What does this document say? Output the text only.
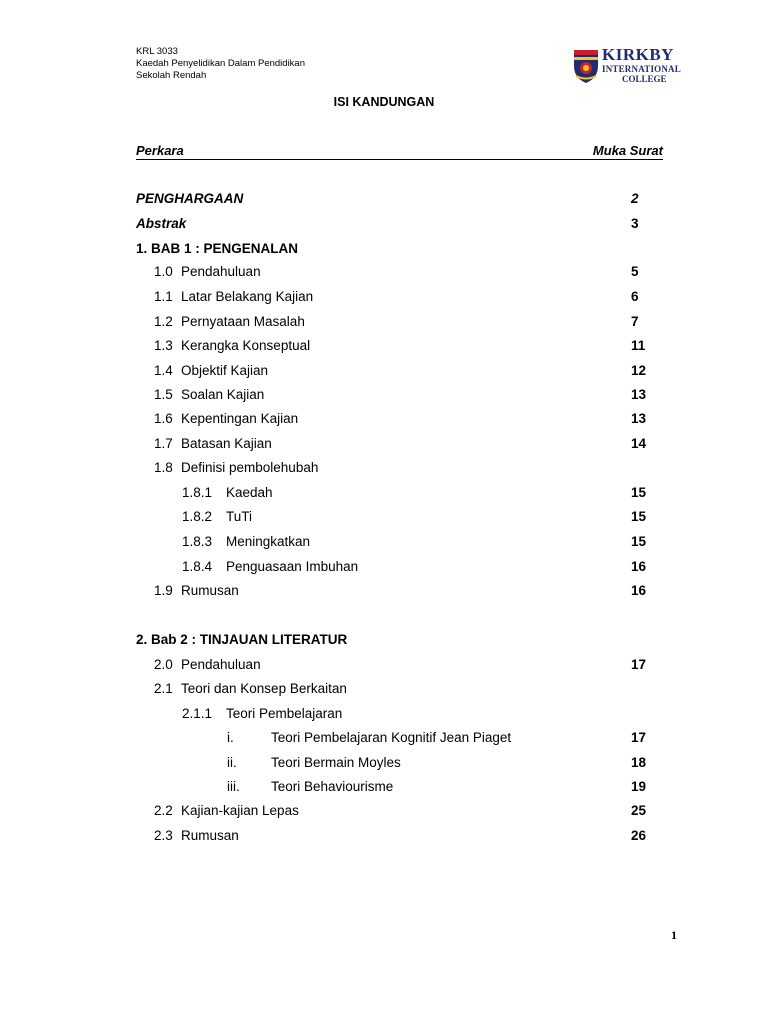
KRL 3033
Kaedah Penyelidikan Dalam Pendidikan
Sekolah Rendah
KIRKBY
INTERNATIONAL
COLLEGE
ISI KANDUNGAN
Perkara	Muka Surat
PENGHARGAAN	2
Abstrak	3
1. BAB 1 : PENGENALAN
1.0 Pendahuluan	5
1.1 Latar Belakang Kajian	6
1.2 Pernyataan Masalah	7
1.3 Kerangka Konseptual	11
1.4 Objektif Kajian	12
1.5 Soalan Kajian	13
1.6 Kepentingan Kajian	13
1.7 Batasan Kajian	14
1.8 Definisi pembolehubah
1.8.1 Kaedah	15
1.8.2 TuTi	15
1.8.3 Meningkatkan	15
1.8.4 Penguasaan Imbuhan	16
1.9 Rumusan	16
2. Bab 2 : TINJAUAN LITERATUR
2.0 Pendahuluan	17
2.1 Teori dan Konsep Berkaitan
2.1.1 Teori Pembelajaran
i.	Teori Pembelajaran Kognitif Jean Piaget	17
ii.	Teori Bermain Moyles	18
iii. Teori Behaviourisme	19
2.2 Kajian-kajian Lepas	25
2.3 Rumusan	26
1
